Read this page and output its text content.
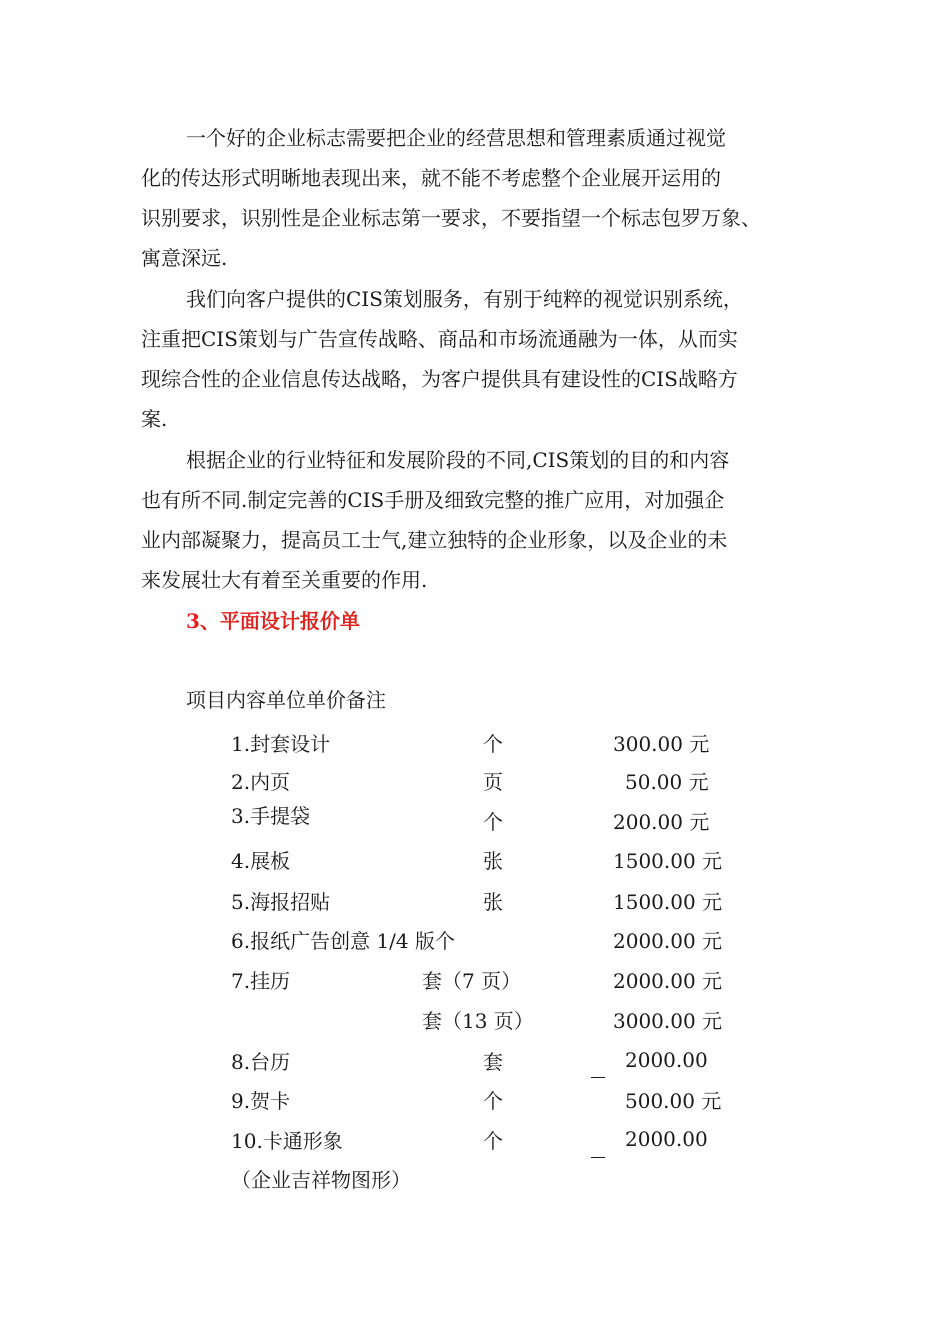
一个好的企业标志需要把企业的经营思想和管理素质通过视觉
化的传达形式明晰地表现出来，就不能不考虑整个企业展开运用的
识别要求，识别性是企业标志第一要求，不要指望一个标志包罗万象、
寓意深远.
我们向客户提供的CIS策划服务，有别于纯粹的视觉识别系统，
注重把CIS策划与广告宣传战略、商品和市场流通融为一体，从而实
现综合性的企业信息传达战略，为客户提供具有建设性的CIS战略方
案.
根据企业的行业特征和发展阶段的不同,CIS策划的目的和内容
也有所不同.制定完善的CIS手册及细致完整的推广应用，对加强企
业内部凝聚力，提高员工士气,建立独特的企业形象，以及企业的未
来发展壮大有着至关重要的作用.
3、平面设计报价单
项目内容单位单价备注
1.封套设计	个	300.00 元
2.内页	页	50.00 元
3.手提袋	个	200.00 元
4.展板	张	1500.00 元
5.海报招贴	张	1500.00 元
6.报纸广告创意 1/4 版个	2000.00 元
7.挂历	套（7 页）	2000.00 元
套（13 页）	3000.00 元
8.台历	套	2000.00
9.贺卡	个	500.00 元
10.卡通形象	个	2000.00
（企业吉祥物图形）
